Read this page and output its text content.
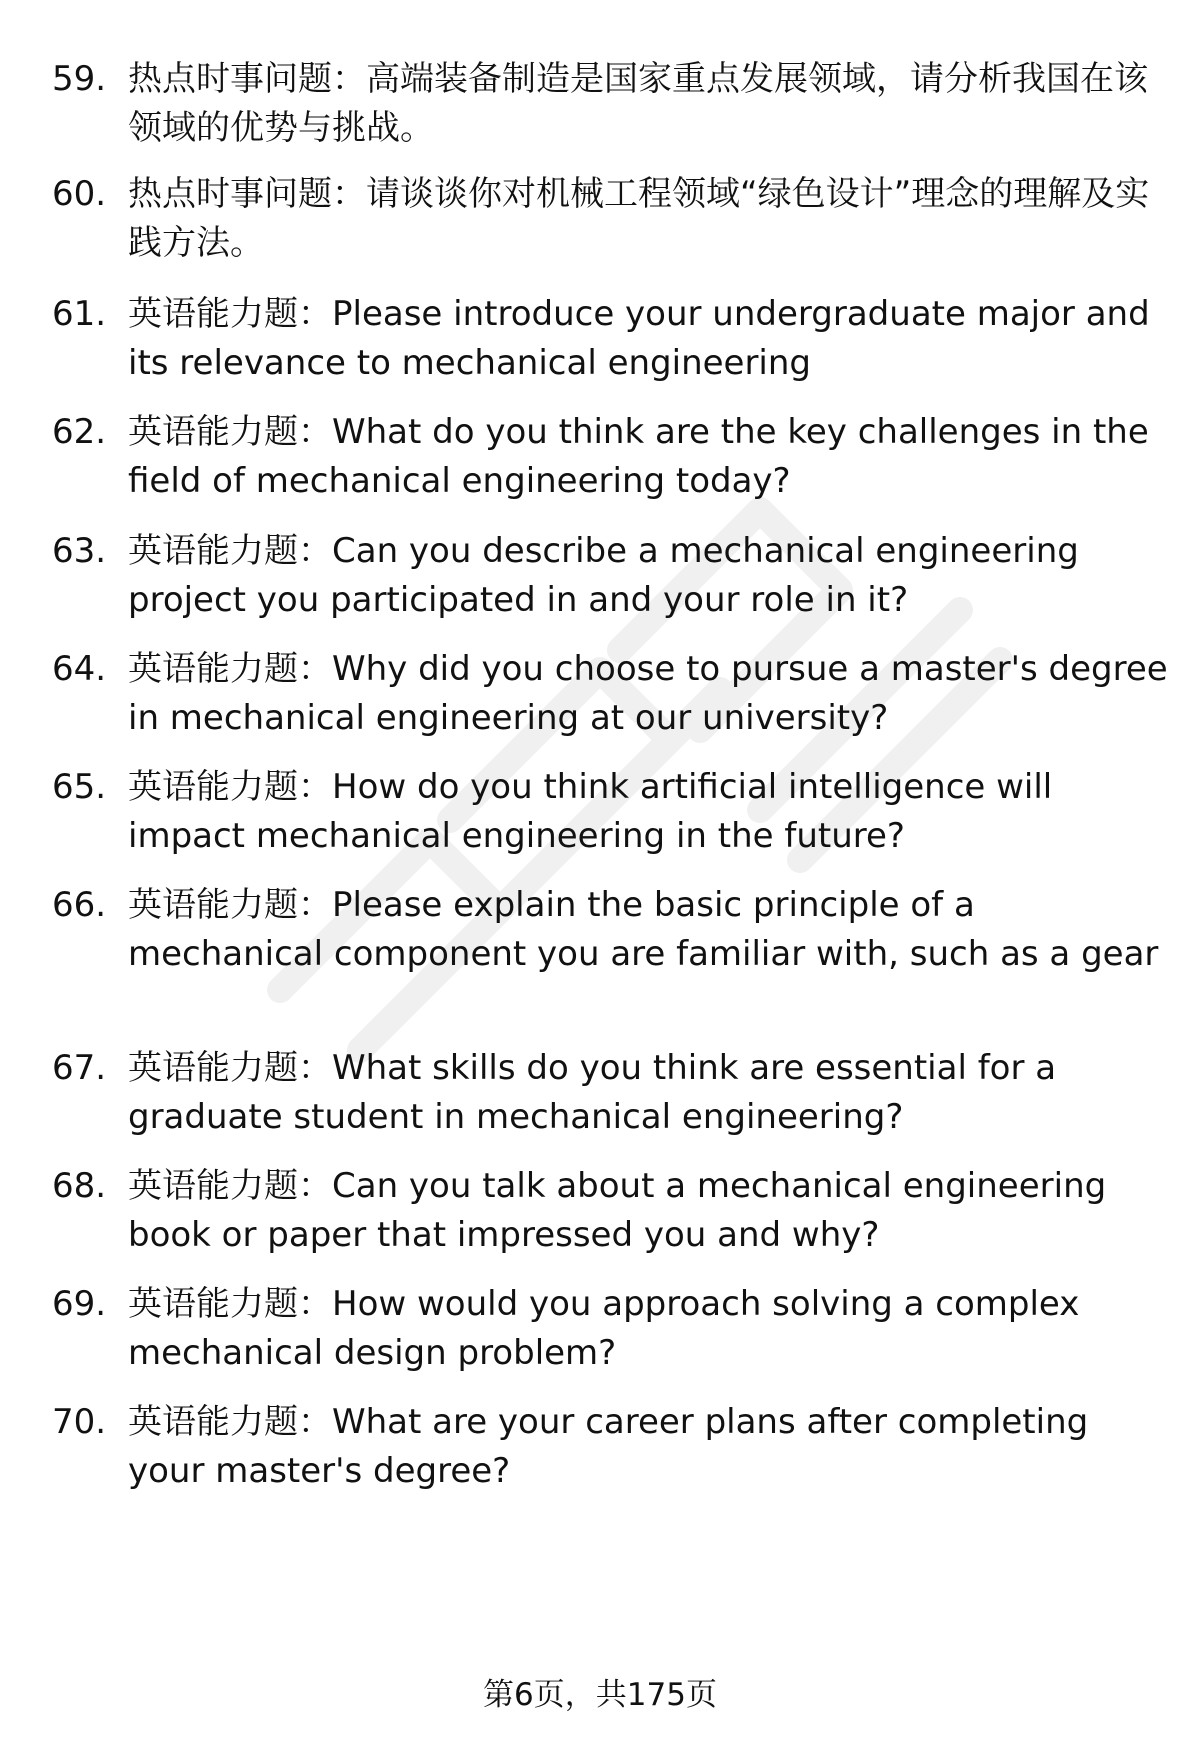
59. 热点时事问题：高端装备制造是国家重点发展领域，请分析我国在该领域的优势与挑战。
60. 热点时事问题：请谈谈你对机械工程领域“绿色设计”理念的理解及实践方法。
61. 英语能力题：Please introduce your undergraduate major and its relevance to mechanical engineering
62. 英语能力题：What do you think are the key challenges in the field of mechanical engineering today?
63. 英语能力题：Can you describe a mechanical engineering project you participated in and your role in it?
64. 英语能力题：Why did you choose to pursue a master's degree in mechanical engineering at our university?
65. 英语能力题：How do you think artificial intelligence will impact mechanical engineering in the future?
66. 英语能力题：Please explain the basic principle of a mechanical component you are familiar with, such as a gear
67. 英语能力题：What skills do you think are essential for a graduate student in mechanical engineering?
68. 英语能力题：Can you talk about a mechanical engineering book or paper that impressed you and why?
69. 英语能力题：How would you approach solving a complex mechanical design problem?
70. 英语能力题：What are your career plans after completing your master's degree?
第6页，共175页
